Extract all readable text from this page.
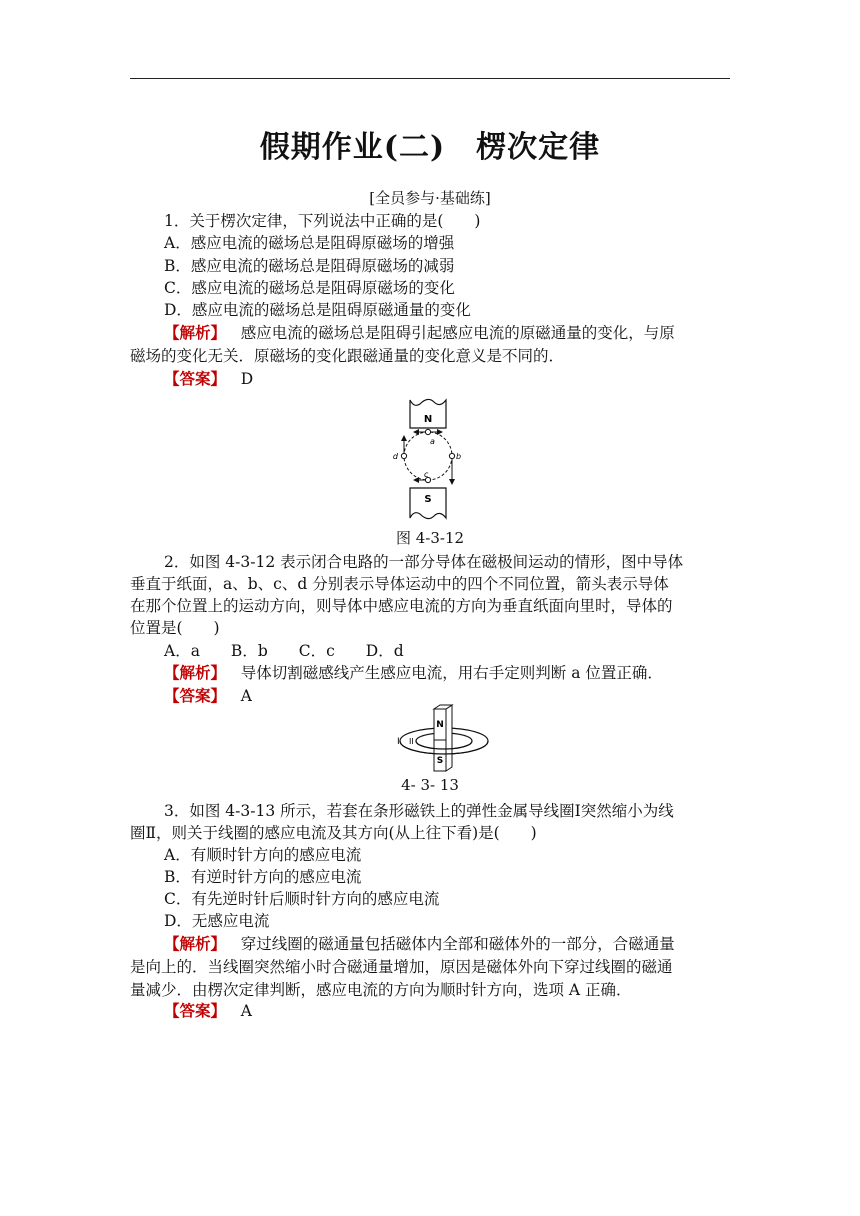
假期作业(二)　楞次定律
[全员参与·基础练]
1．关于楞次定律，下列说法中正确的是(　　)
A．感应电流的磁场总是阻碍原磁场的增强
B．感应电流的磁场总是阻碍原磁场的减弱
C．感应电流的磁场总是阻碍原磁场的变化
D．感应电流的磁场总是阻碍原磁通量的变化
【解析】 感应电流的磁场总是阻碍引起感应电流的原磁通量的变化，与原
磁场的变化无关．原磁场的变化跟磁通量的变化意义是不同的．
【答案】 D
N
a
b
c
d
S
图 4-3-12
2．如图 4-3-12 表示闭合电路的一部分导体在磁极间运动的情形，图中导体
垂直于纸面，a、b、c、d 分别表示导体运动中的四个不同位置，箭头表示导体
在那个位置上的运动方向，则导体中感应电流的方向为垂直纸面向里时，导体的
位置是(　　)
A．a　　B．b　　C．c　　D．d
【解析】 导体切割磁感线产生感应电流，用右手定则判断 a 位置正确．
【答案】 A
N
S
I II
4- 3- 13
3．如图 4-3-13 所示，若套在条形磁铁上的弹性金属导线圈Ⅰ突然缩小为线
圈Ⅱ，则关于线圈的感应电流及其方向(从上往下看)是(　　)
A．有顺时针方向的感应电流
B．有逆时针方向的感应电流
C．有先逆时针后顺时针方向的感应电流
D．无感应电流
【解析】 穿过线圈的磁通量包括磁体内全部和磁体外的一部分，合磁通量
是向上的．当线圈突然缩小时合磁通量增加，原因是磁体外向下穿过线圈的磁通
量减少．由楞次定律判断，感应电流的方向为顺时针方向，选项 A 正确．
【答案】 A
